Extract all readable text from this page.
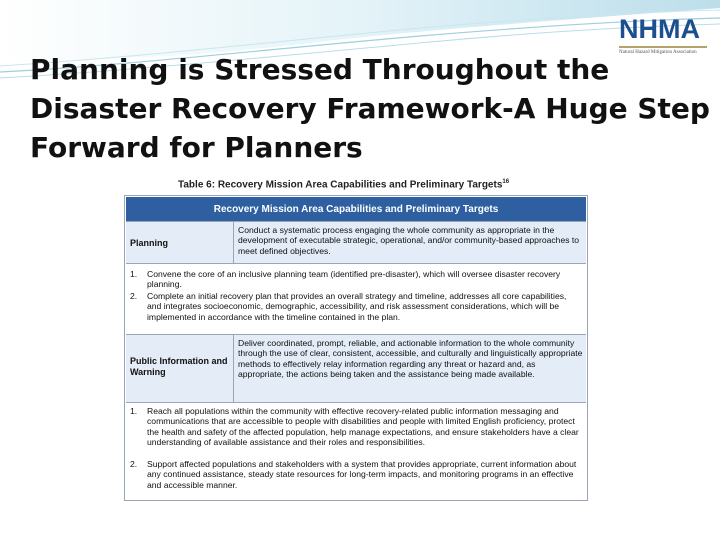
NHMA
Natural Hazard Mitigation Association
Planning is Stressed Throughout the
Disaster Recovery Framework-A Huge Step
Forward for Planners
Table 6: Recovery Mission Area Capabilities and Preliminary Targets$^{16}$
Recovery Mission Area Capabilities and Preliminary Targets
Planning
Conduct a systematic process engaging the whole community as appropriate in the development of executable strategic, operational, and/or community-based approaches to meet defined objectives.
1. Convene the core of an inclusive planning team (identified pre-disaster), which will oversee disaster recovery planning.
2. Complete an initial recovery plan that provides an overall strategy and timeline, addresses all core capabilities, and integrates socioeconomic, demographic, accessibility, and risk assessment considerations, which will be implemented in accordance with the timeline contained in the plan.
Public Information and Warning
Deliver coordinated, prompt, reliable, and actionable information to the whole community through the use of clear, consistent, accessible, and culturally and linguistically appropriate methods to effectively relay information regarding any threat or hazard and, as appropriate, the actions being taken and the assistance being made available.
1. Reach all populations within the community with effective recovery-related public information messaging and communications that are accessible to people with disabilities and people with limited English proficiency, protect the health and safety of the affected population, help manage expectations, and ensure stakeholders have a clear understanding of available assistance and their roles and responsibilities.
2. Support affected populations and stakeholders with a system that provides appropriate, current information about any continued assistance, steady state resources for long-term impacts, and monitoring programs in an effective and accessible manner.
